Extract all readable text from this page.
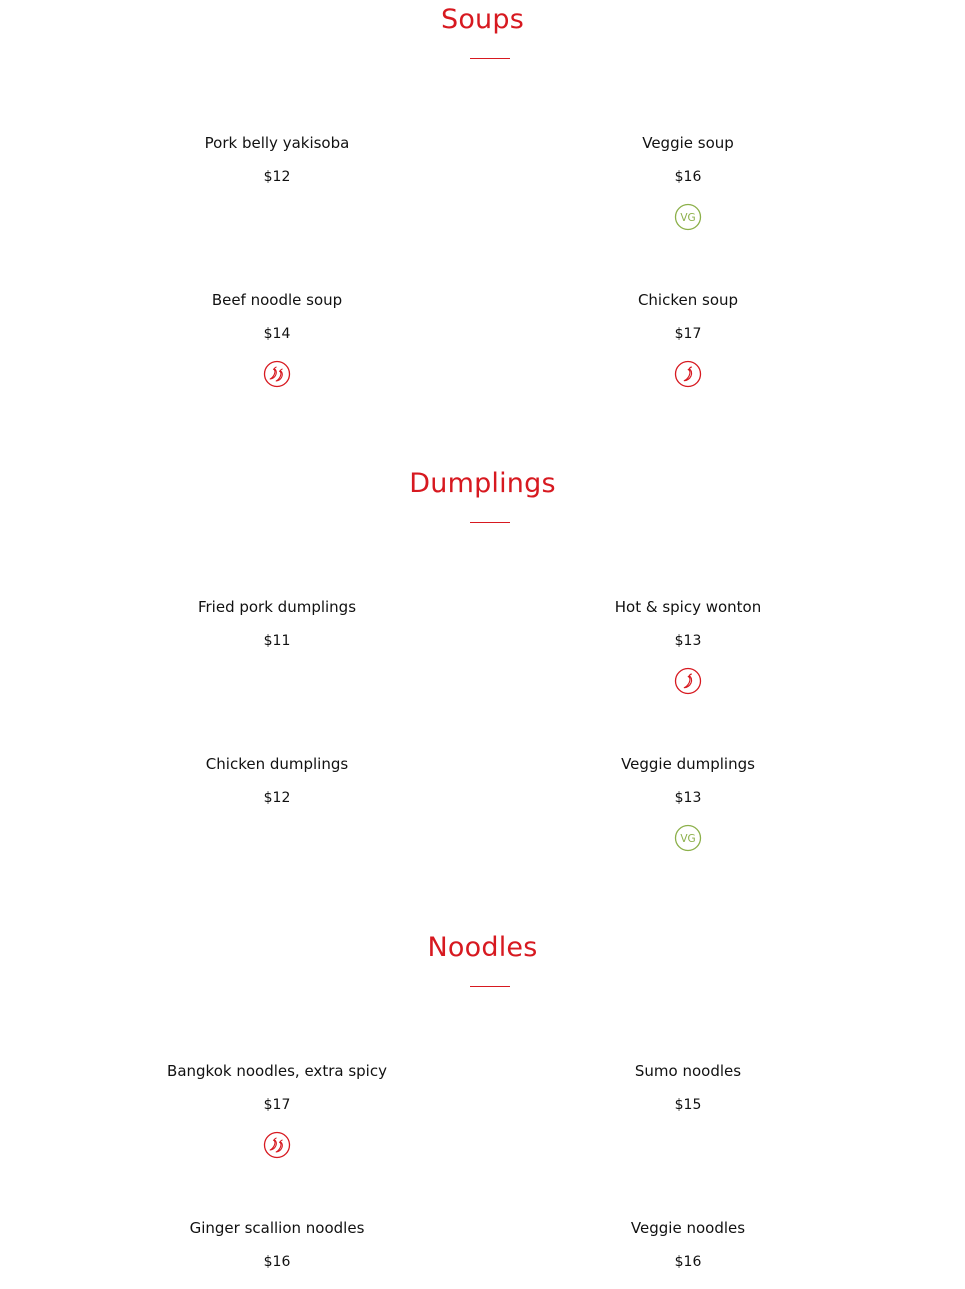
Soups
Pork belly yakisoba
$12
Veggie soup
$16
VG
Beef noodle soup
$14
Chicken soup
$17
Dumplings
Fried pork dumplings
$11
Hot & spicy wonton
$13
Chicken dumplings
$12
Veggie dumplings
$13
VG
Noodles
Bangkok noodles, extra spicy
$17
Sumo noodles
$15
Ginger scallion noodles
$16
Veggie noodles
$16
